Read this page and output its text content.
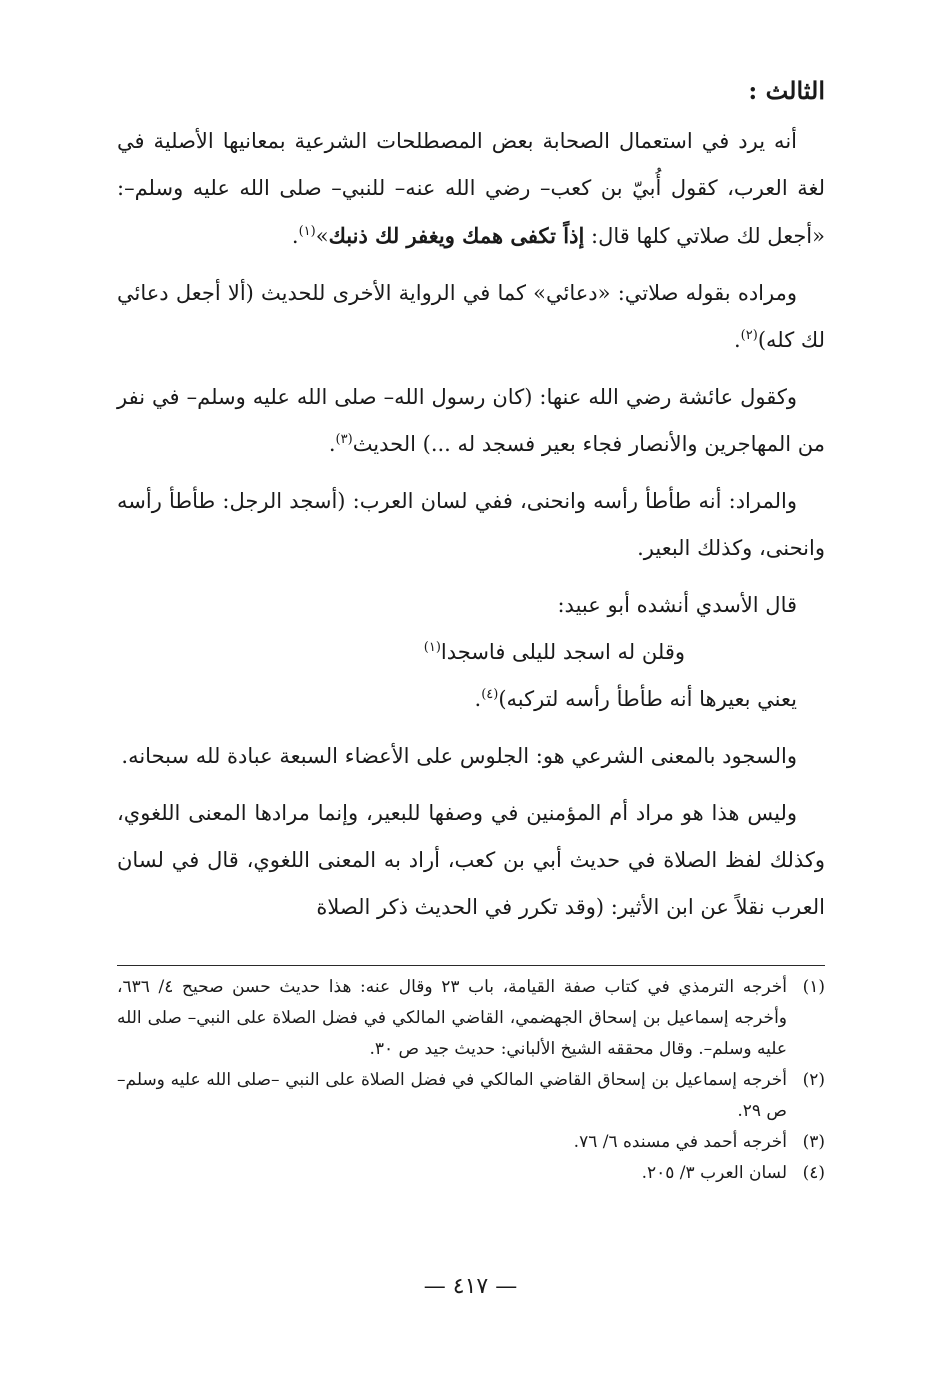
الثالث :

أنه يرد في استعمال الصحابة بعض المصطلحات الشرعية بمعانيها الأصلية في لغة العرب، كقول أُبيّ بن كعب– رضي الله عنه– للنبي– صلى الله عليه وسلم–: «أجعل لك صلاتي كلها قال: إذاً تكفى همك ويغفر لك ذنبك»$^{(١)}$.

ومراده بقوله صلاتي: «دعائي» كما في الرواية الأخرى للحديث (ألا أجعل دعائي لك كله)$^{(٢)}$.

وكقول عائشة رضي الله عنها: (كان رسول الله– صلى الله عليه وسلم– في نفر من المهاجرين والأنصار فجاء بعير فسجد له ...) الحديث$^{(٣)}$.

والمراد: أنه طأطأ رأسه وانحنى، ففي لسان العرب: (أسجد الرجل: طأطأ رأسه وانحنى، وكذلك البعير.

قال الأسدي أنشده أبو عبيد:

وقلن له اسجد لليلى فاسجدا$^{(١)}$

يعني بعيرها أنه طأطأ رأسه لتركبه)$^{(٤)}$.

والسجود بالمعنى الشرعي هو: الجلوس على الأعضاء السبعة عبادة لله سبحانه.

وليس هذا هو مراد أم المؤمنين في وصفها للبعير، وإنما مرادها المعنى اللغوي، وكذلك لفظ الصلاة في حديث أبي بن كعب، أراد به المعنى اللغوي، قال في لسان العرب نقلاً عن ابن الأثير: (وقد تكرر في الحديث ذكر الصلاة

(١)
أخرجه الترمذي في كتاب صفة القيامة، باب ٢٣ وقال عنه: هذا حديث حسن صحيح ٤/ ٦٣٦، وأخرجه إسماعيل بن إسحاق الجهضمي، القاضي المالكي في فضل الصلاة على النبي– صلى الله عليه وسلم–. وقال محققه الشيخ الألباني: حديث جيد ص ٣٠.
(٢)
أخرجه إسماعيل بن إسحاق القاضي المالكي في فضل الصلاة على النبي –صلى الله عليه وسلم– ص ٢٩.
(٣)
أخرجه أحمد في مسنده ٦/ ٧٦.
(٤)
لسان العرب ٣/ ٢٠٥.
— ٤١٧ —
